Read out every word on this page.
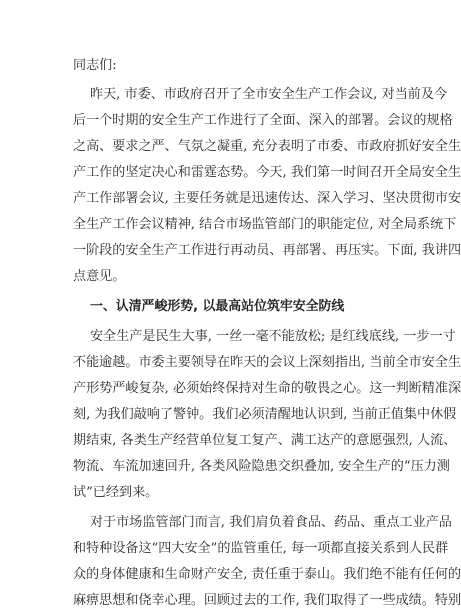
同志们:
昨天, 市委、市政府召开了全市安全生产工作会议, 对当前及今
后一个时期的安全生产工作进行了全面、深入的部署。会议的规格
之高、要求之严、气氛之凝重, 充分表明了市委、市政府抓好安全生
产工作的坚定决心和雷霆态势。今天, 我们第一时间召开全局安全生
产工作部署会议, 主要任务就是迅速传达、深入学习、坚决贯彻市安
全生产工作会议精神, 结合市场监管部门的职能定位, 对全局系统下
一阶段的安全生产工作进行再动员、再部署、再压实。下面, 我讲四
点意见。
一、认清严峻形势, 以最高站位筑牢安全防线
安全生产是民生大事, 一丝一毫不能放松; 是红线底线, 一步一寸
不能逾越。市委主要领导在昨天的会议上深刻指出, 当前全市安全生
产形势严峻复杂, 必须始终保持对生命的敬畏之心。这一判断精准深
刻, 为我们敲响了警钟。我们必须清醒地认识到, 当前正值集中休假
期结束, 各类生产经营单位复工复产、满工达产的意愿强烈, 人流、
物流、车流加速回升, 各类风险隐患交织叠加, 安全生产的“压力测
试”已经到来。
对于市场监管部门而言, 我们肩负着食品、药品、重点工业产品
和特种设备这“四大安全”的监管重任, 每一项都直接关系到人民群
众的身体健康和生命财产安全, 责任重于泰山。我们绝不能有任何的
麻痹思想和侥幸心理。回顾过去的工作, 我们取得了一些成绩。特别
